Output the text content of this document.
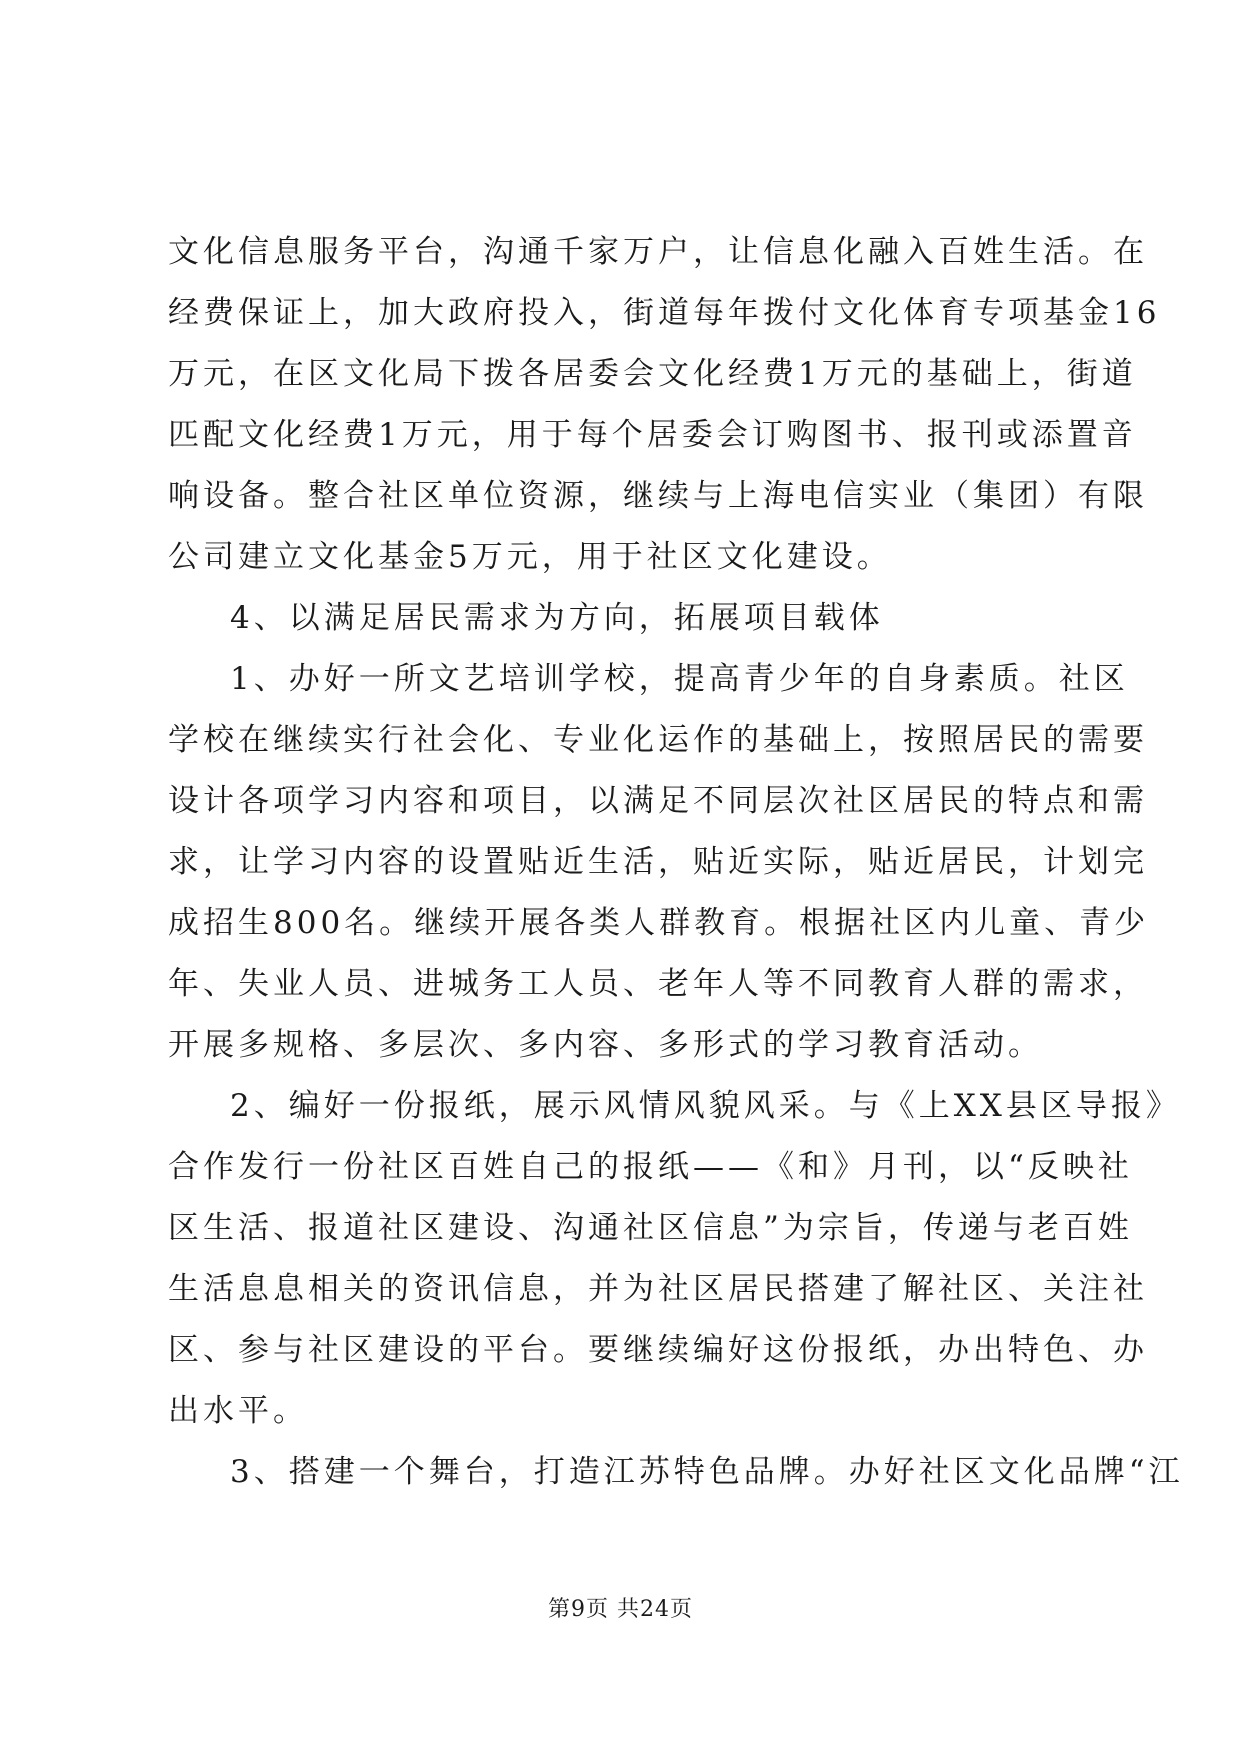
文化信息服务平台，沟通千家万户，让信息化融入百姓生活。在
经费保证上，加大政府投入，街道每年拨付文化体育专项基金16
万元，在区文化局下拨各居委会文化经费1万元的基础上，街道
匹配文化经费1万元，用于每个居委会订购图书、报刊或添置音
响设备。整合社区单位资源，继续与上海电信实业（集团）有限
公司建立文化基金5万元，用于社区文化建设。
4、以满足居民需求为方向，拓展项目载体
1、办好一所文艺培训学校，提高青少年的自身素质。社区
学校在继续实行社会化、专业化运作的基础上，按照居民的需要
设计各项学习内容和项目，以满足不同层次社区居民的特点和需
求，让学习内容的设置贴近生活，贴近实际，贴近居民，计划完
成招生800名。继续开展各类人群教育。根据社区内儿童、青少
年、失业人员、进城务工人员、老年人等不同教育人群的需求，
开展多规格、多层次、多内容、多形式的学习教育活动。
2、编好一份报纸，展示风情风貌风采。与《上XX县区导报》
合作发行一份社区百姓自己的报纸——《和》月刊，以“反映社
区生活、报道社区建设、沟通社区信息”为宗旨，传递与老百姓
生活息息相关的资讯信息，并为社区居民搭建了解社区、关注社
区、参与社区建设的平台。要继续编好这份报纸，办出特色、办
出水平。
3、搭建一个舞台，打造江苏特色品牌。办好社区文化品牌“江
第9页 共24页
